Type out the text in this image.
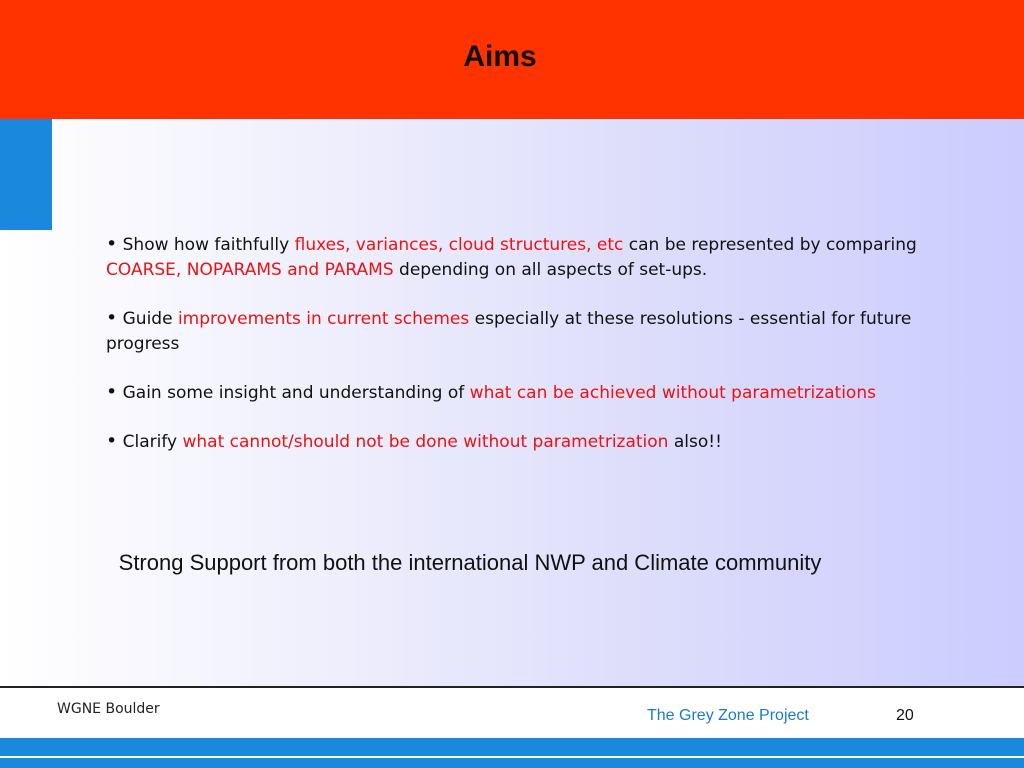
Aims
• Show how faithfully fluxes, variances, cloud structures, etc can be represented by comparing COARSE, NOPARAMS and PARAMS depending on all aspects of set-ups.
• Guide improvements in current schemes especially at these resolutions - essential for future progress
• Gain some insight and understanding of what can be achieved without parametrizations
• Clarify what cannot/should not be done without parametrization also!!
Strong Support from both the international NWP and Climate community
WGNE Boulder	The Grey Zone Project	20
